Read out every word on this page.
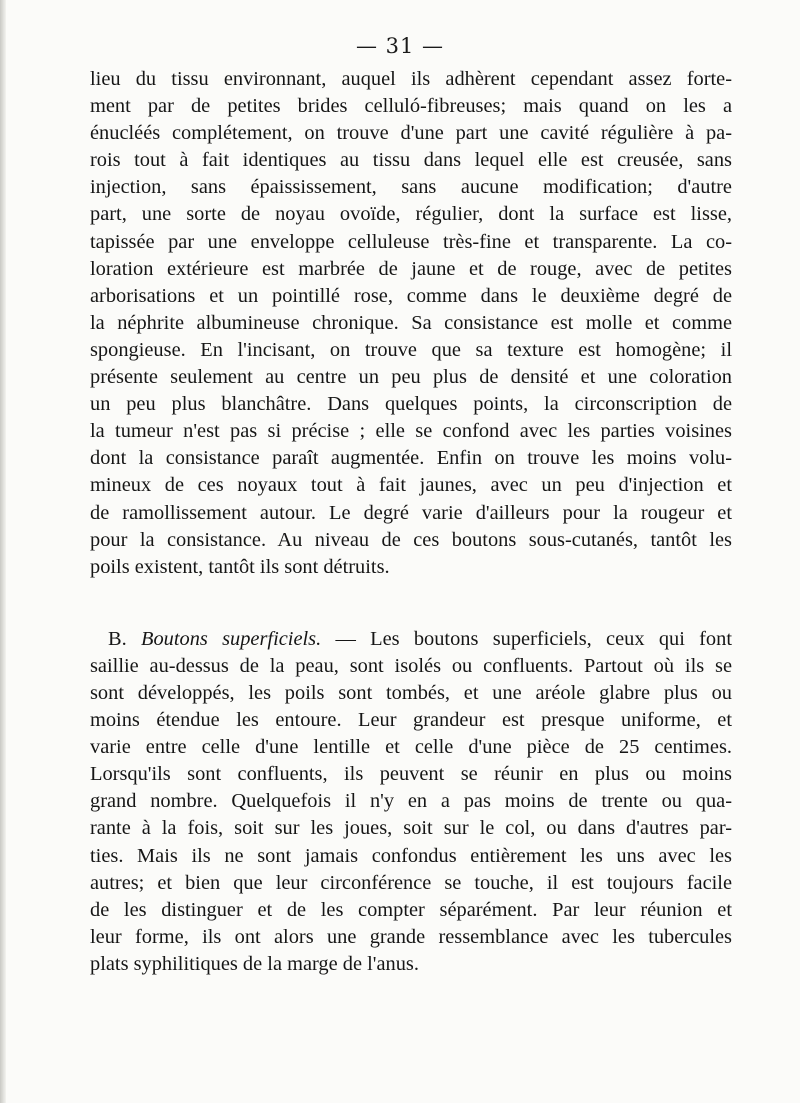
— 31 —
lieu du tissu environnant, auquel ils adhèrent cependant assez forte-
ment par de petites brides celluló-fibreuses; mais quand on les a
énucléés complétement, on trouve d'une part une cavité régulière à pa-
rois tout à fait identiques au tissu dans lequel elle est creusée, sans
injection, sans épaississement, sans aucune modification; d'autre
part, une sorte de noyau ovoïde, régulier, dont la surface est lisse,
tapissée par une enveloppe celluleuse très-fine et transparente. La co-
loration extérieure est marbrée de jaune et de rouge, avec de petites
arborisations et un pointillé rose, comme dans le deuxième degré de
la néphrite albumineuse chronique. Sa consistance est molle et comme
spongieuse. En l'incisant, on trouve que sa texture est homogène; il
présente seulement au centre un peu plus de densité et une coloration
un peu plus blanchâtre. Dans quelques points, la circonscription de
la tumeur n'est pas si précise ; elle se confond avec les parties voisines
dont la consistance paraît augmentée. Enfin on trouve les moins volu-
mineux de ces noyaux tout à fait jaunes, avec un peu d'injection et
de ramollissement autour. Le degré varie d'ailleurs pour la rougeur et
pour la consistance. Au niveau de ces boutons sous-cutanés, tantôt les
poils existent, tantôt ils sont détruits.
B. Boutons superficiels. — Les boutons superficiels, ceux qui font
saillie au-dessus de la peau, sont isolés ou confluents. Partout où ils se
sont développés, les poils sont tombés, et une aréole glabre plus ou
moins étendue les entoure. Leur grandeur est presque uniforme, et
varie entre celle d'une lentille et celle d'une pièce de 25 centimes.
Lorsqu'ils sont confluents, ils peuvent se réunir en plus ou moins
grand nombre. Quelquefois il n'y en a pas moins de trente ou qua-
rante à la fois, soit sur les joues, soit sur le col, ou dans d'autres par-
ties. Mais ils ne sont jamais confondus entièrement les uns avec les
autres; et bien que leur circonférence se touche, il est toujours facile
de les distinguer et de les compter séparément. Par leur réunion et
leur forme, ils ont alors une grande ressemblance avec les tubercules
plats syphilitiques de la marge de l'anus.
